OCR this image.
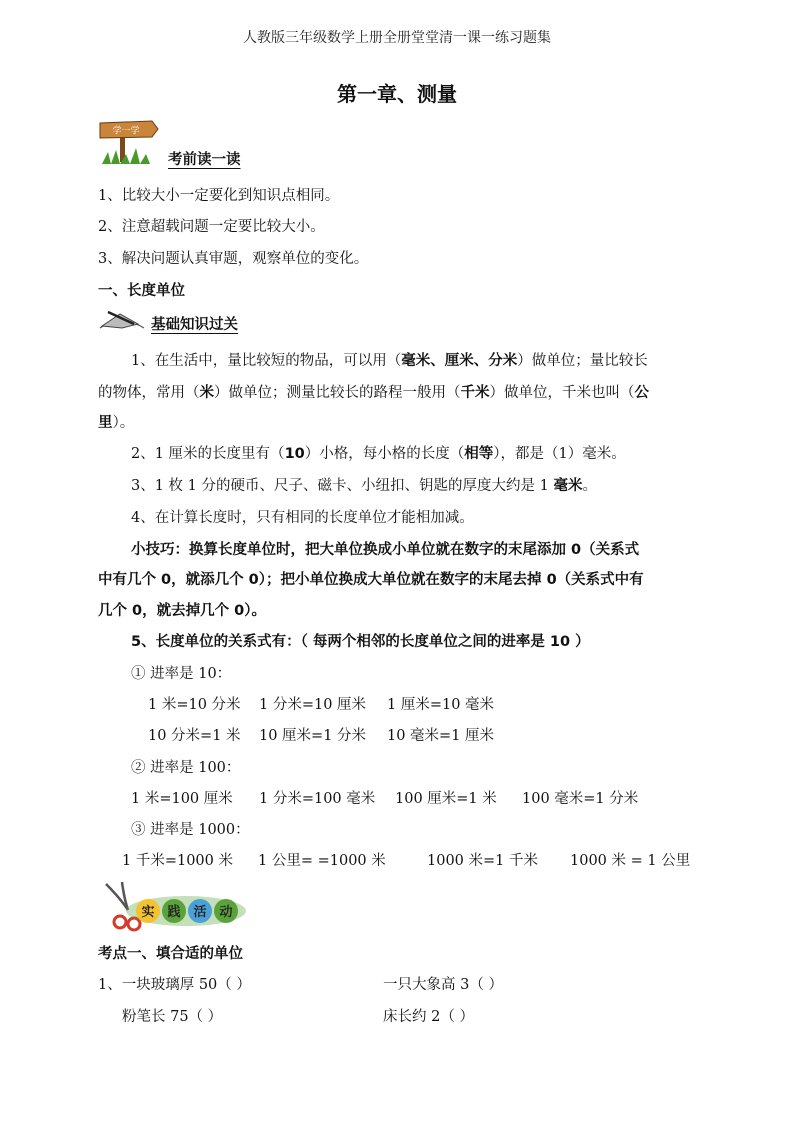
人教版三年级数学上册全册堂堂清一课一练习题集
第一章、测量
学一学
考前读一读
1、比较大小一定要化到知识点相同。
2、注意超载问题一定要比较大小。
3、解决问题认真审题，观察单位的变化。
一、长度单位
基础知识过关
1、在生活中，量比较短的物品，可以用（毫米、厘米、分米）做单位；量比较长
的物体，常用（米）做单位；测量比较长的路程一般用（千米）做单位，千米也叫（公
里）。
2、1 厘米的长度里有（10）小格，每小格的长度（相等），都是（1）毫米。
3、1 枚 1 分的硬币、尺子、磁卡、小纽扣、钥匙的厚度大约是 1 毫米。
4、在计算长度时，只有相同的长度单位才能相加减。
小技巧：换算长度单位时，把大单位换成小单位就在数字的末尾添加 0（关系式
中有几个 0，就添几个 0）；把小单位换成大单位就在数字的末尾去掉 0（关系式中有
几个 0，就去掉几个 0）。
5、长度单位的关系式有：（ 每两个相邻的长度单位之间的进率是 10 ）
① 进率是 10：
1 米=10 分米 1 分米=10 厘米 1 厘米=10 毫米
10 分米=1 米 10 厘米=1 分米 10 毫米=1 厘米
② 进率是 100：
1 米=100 厘米 1 分米=100 毫米 100 厘米=1 米 100 毫米=1 分米
③ 进率是 1000：
1 千米=1000 米 1 公里= =1000 米	1000 米=1 千米 1000 米 = 1 公里
实 践 活 动
考点一、填合适的单位
1、一块玻璃厚 50（ ）	一只大象高 3（ ）
粉笔长 75（ ）	床长约 2（ ）
